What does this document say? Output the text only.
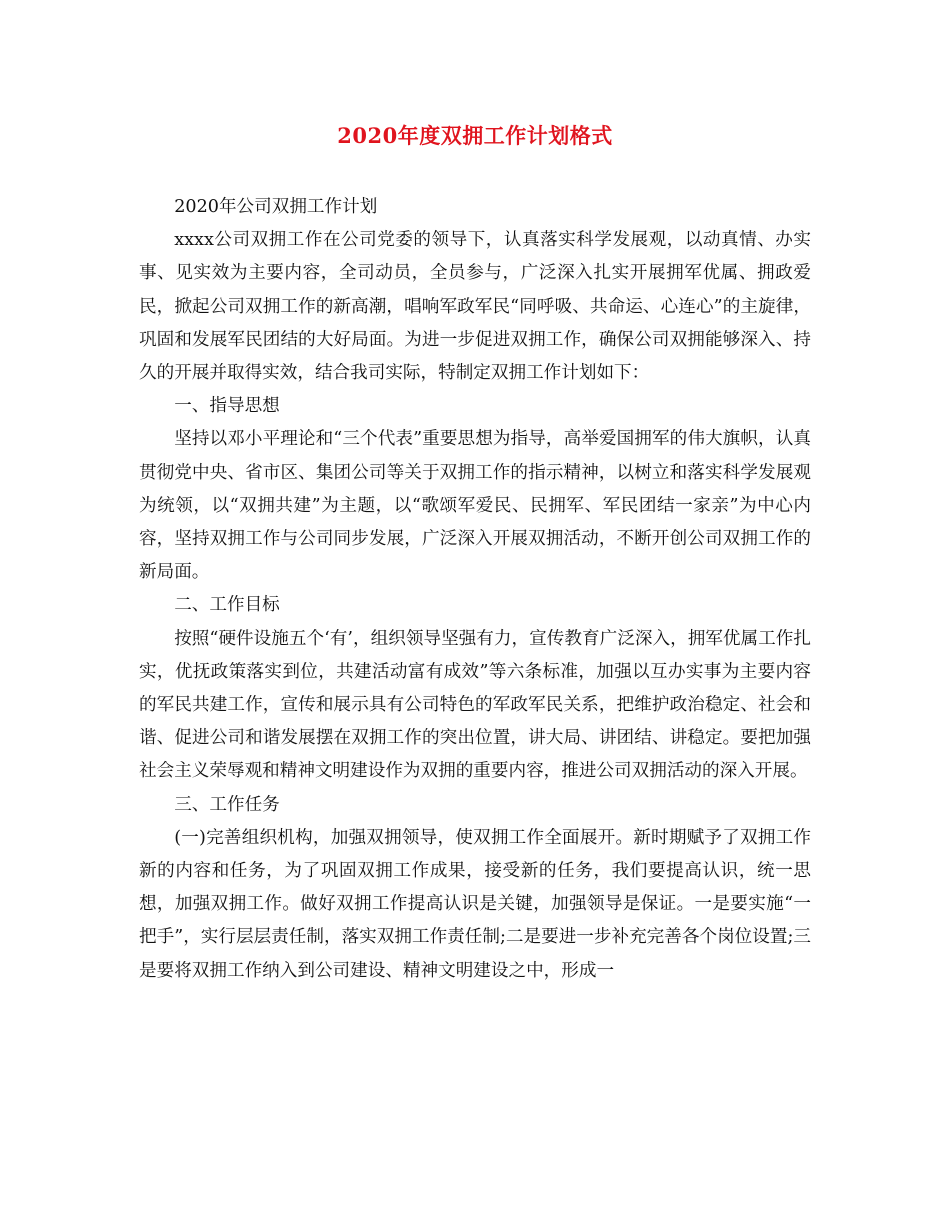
2020年度双拥工作计划格式

2020年公司双拥工作计划

xxxx公司双拥工作在公司党委的领导下，认真落实科学发展观，以动真情、办实事、见实效为主要内容，全司动员，全员参与，广泛深入扎实开展拥军优属、拥政爱民，掀起公司双拥工作的新高潮，唱响军政军民“同呼吸、共命运、心连心”的主旋律，巩固和发展军民团结的大好局面。为进一步促进双拥工作，确保公司双拥能够深入、持久的开展并取得实效，结合我司实际，特制定双拥工作计划如下：

一、指导思想

坚持以邓小平理论和“三个代表”重要思想为指导，高举爱国拥军的伟大旗帜，认真贯彻党中央、省市区、集团公司等关于双拥工作的指示精神，以树立和落实科学发展观为统领，以“双拥共建”为主题，以“歌颂军爱民、民拥军、军民团结一家亲”为中心内容，坚持双拥工作与公司同步发展，广泛深入开展双拥活动，不断开创公司双拥工作的新局面。

二、工作目标

按照“硬件设施五个‘有’，组织领导坚强有力，宣传教育广泛深入，拥军优属工作扎实，优抚政策落实到位，共建活动富有成效”等六条标准，加强以互办实事为主要内容的军民共建工作，宣传和展示具有公司特色的军政军民关系，把维护政治稳定、社会和谐、促进公司和谐发展摆在双拥工作的突出位置，讲大局、讲团结、讲稳定。要把加强社会主义荣辱观和精神文明建设作为双拥的重要内容，推进公司双拥活动的深入开展。

三、工作任务

(一)完善组织机构，加强双拥领导，使双拥工作全面展开。新时期赋予了双拥工作新的内容和任务，为了巩固双拥工作成果，接受新的任务，我们要提高认识，统一思想，加强双拥工作。做好双拥工作提高认识是关键，加强领导是保证。一是要实施“一把手”，实行层层责任制，落实双拥工作责任制;二是要进一步补充完善各个岗位设置;三是要将双拥工作纳入到公司建设、精神文明建设之中，形成一
